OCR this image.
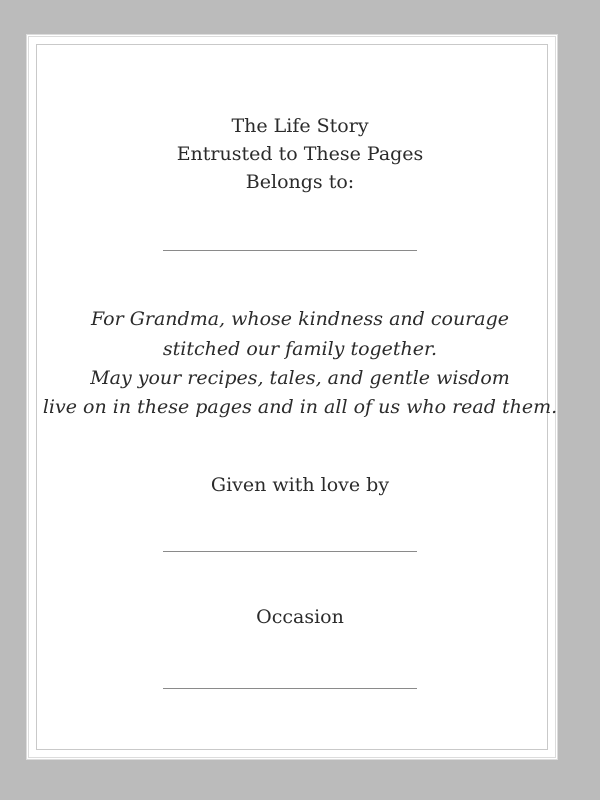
The Life Story
Entrusted to These Pages
Belongs to:
For Grandma, whose kindness and courage
stitched our family together.
May your recipes, tales, and gentle wisdom
live on in these pages and in all of us who read them.
Given with love by
Occasion
